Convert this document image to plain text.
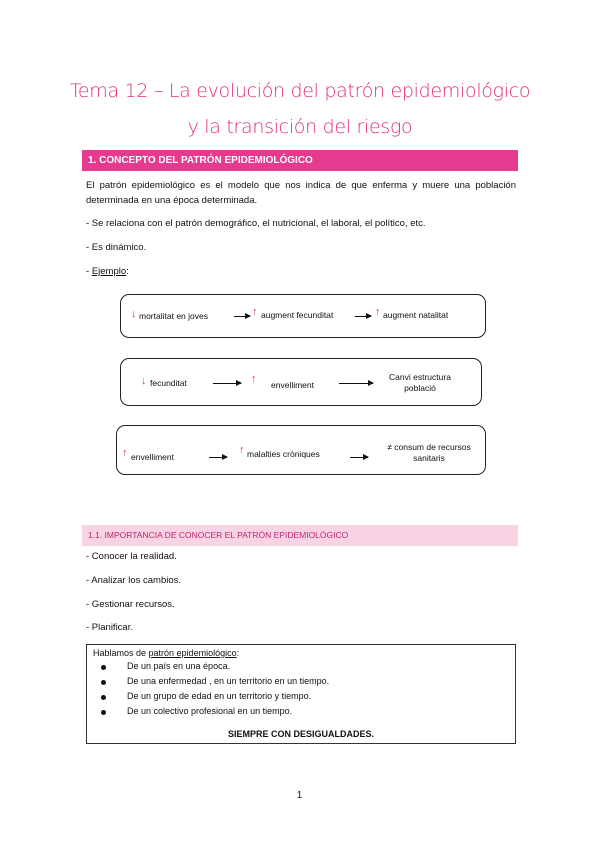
Tema 12 – La evolución del patrón epidemiológico
y la transición del riesgo
1. CONCEPTO DEL PATRÓN EPIDEMIOLÓGICO
El patrón epidemiológico es el modelo que nos indica de que enferma y muere una población determinada en una época determinada.
- Se relaciona con el patrón demográfico, el nutricional, el laboral, el político, etc.
- Es dinámico.
- Ejemplo:
↓ mortalitat en joves	↑ augment fecunditat	↑ augment natalitat
↓ fecunditat	↑ envelliment
Canvi estructura
població
↑ envelliment
↑ malalties cròniques
≠ consum de recursos
sanitaris
1.1. IMPORTANCIA DE CONOCER EL PATRÓN EPIDEMIOLÓGICO
- Conocer la realidad.
- Analizar los cambios.
- Gestionar recursos.
- Planificar.
Hablamos de patrón epidemiológico:
De un país en una época.
De una enfermedad , en un territorio en un tiempo.
De un grupo de edad en un territorio y tiempo.
De un colectivo profesional en un tiempo.
SIEMPRE CON DESIGUALDADES.
1
